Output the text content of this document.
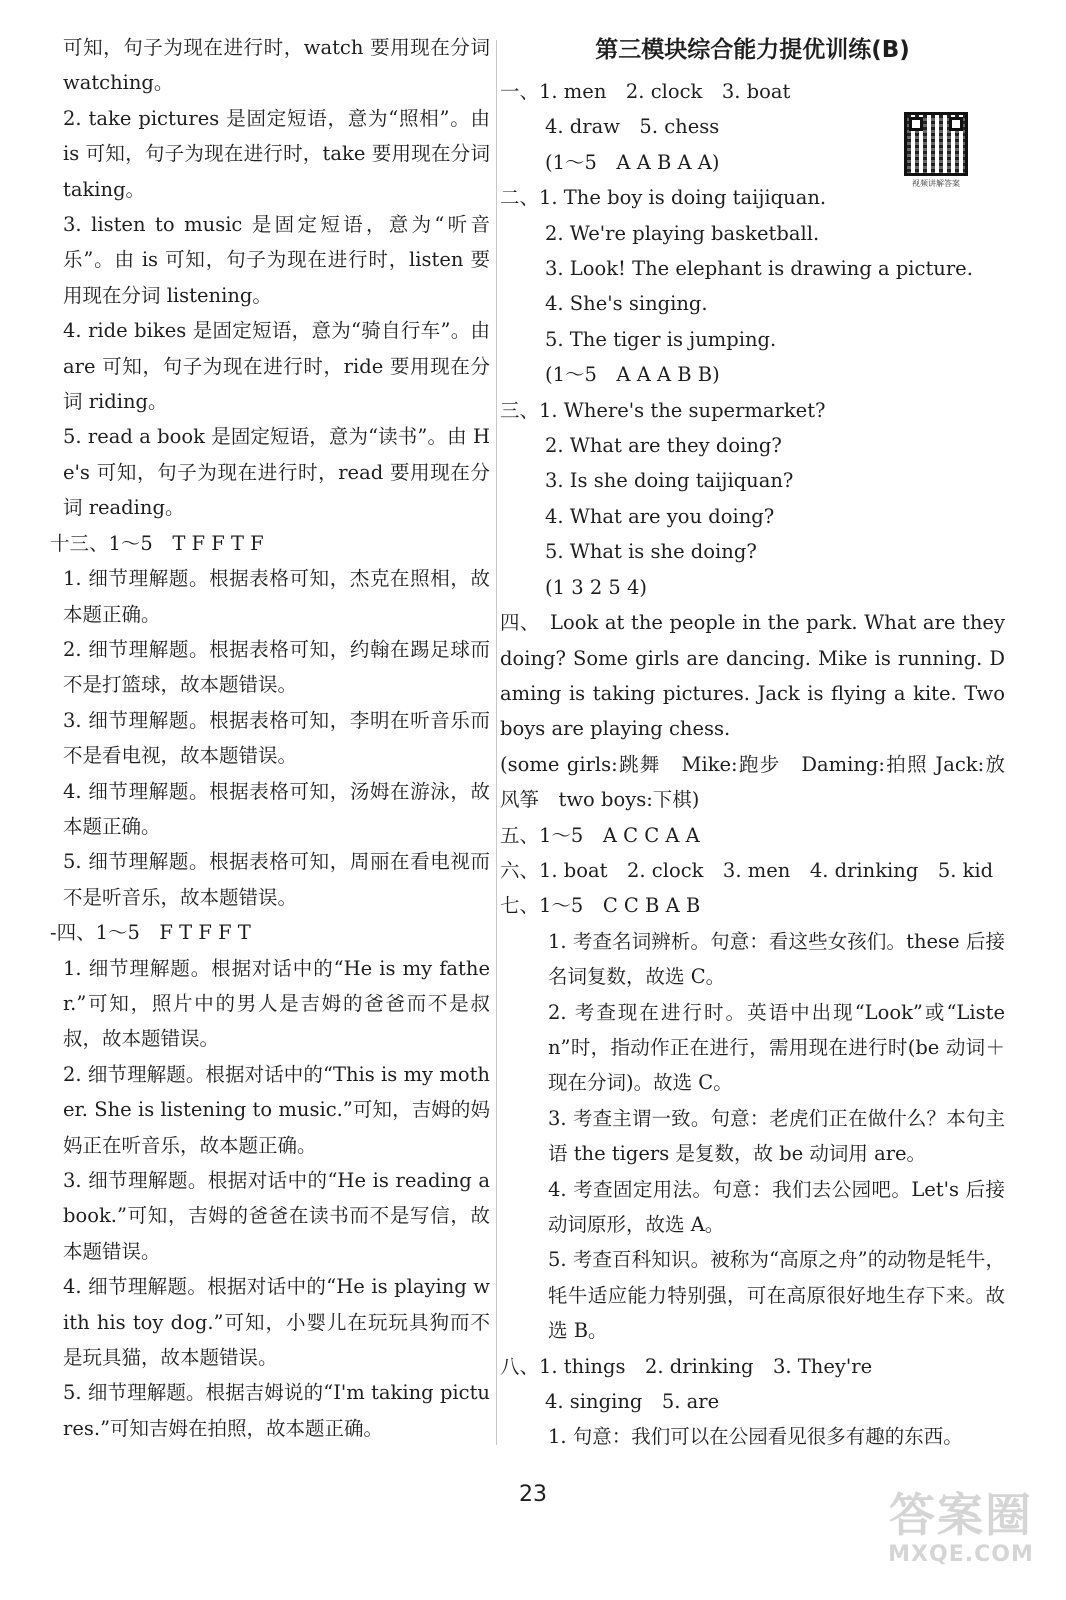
可知，句子为现在进行时，watch 要用现在分词 watching。

2. take pictures 是固定短语，意为“照相”。由 is 可知，句子为现在进行时，take 要用现在分词 taking。

3. listen to music 是固定短语，意为“听音乐”。由 is 可知，句子为现在进行时，listen 要用现在分词 listening。

4. ride bikes 是固定短语，意为“骑自行车”。由 are 可知，句子为现在进行时，ride 要用现在分词 riding。

5. read a book 是固定短语，意为“读书”。由 He's 可知，句子为现在进行时，read 要用现在分词 reading。

十三、1～5　T F F T F

1. 细节理解题。根据表格可知，杰克在照相，故本题正确。

2. 细节理解题。根据表格可知，约翰在踢足球而不是打篮球，故本题错误。

3. 细节理解题。根据表格可知，李明在听音乐而不是看电视，故本题错误。

4. 细节理解题。根据表格可知，汤姆在游泳，故本题正确。

5. 细节理解题。根据表格可知，周丽在看电视而不是听音乐，故本题错误。

-四、1～5　F T F F T

1. 细节理解题。根据对话中的“He is my father.”可知，照片中的男人是吉姆的爸爸而不是叔叔，故本题错误。

2. 细节理解题。根据对话中的“This is my mother. She is listening to music.”可知，吉姆的妈妈正在听音乐，故本题正确。

3. 细节理解题。根据对话中的“He is reading a book.”可知，吉姆的爸爸在读书而不是写信，故本题错误。

4. 细节理解题。根据对话中的“He is playing with his toy dog.”可知，小婴儿在玩玩具狗而不是玩具猫，故本题错误。

5. 细节理解题。根据吉姆说的“I'm taking pictures.”可知吉姆在拍照，故本题正确。

第三模块综合能力提优训练(B)

一、1. men　2. clock　3. boat

4. draw　5. chess

(1～5　A A B A A)

二、1. The boy is doing taijiquan.

2. We're playing basketball.

3. Look! The elephant is drawing a picture.

4. She's singing.

5. The tiger is jumping.

(1～5　A A A B B)

三、1. Where's the supermarket?

2. What are they doing?

3. Is she doing taijiquan?

4. What are you doing?

5. What is she doing?

(1 3 2 5 4)

四、　Look at the people in the park. What are they doing? Some girls are dancing. Mike is running. Daming is taking pictures. Jack is flying a kite. Two boys are playing chess.

(some girls:跳舞　Mike:跑步　Daming:拍照 Jack:放风筝　two boys:下棋)

五、1～5　A C C A A

六、1. boat　2. clock　3. men　4. drinking　5. kid

七、1～5　C C B A B

1. 考查名词辨析。句意：看这些女孩们。these 后接名词复数，故选 C。

2. 考查现在进行时。英语中出现“Look”或“Listen”时，指动作正在进行，需用现在进行时(be 动词＋现在分词)。故选 C。

3. 考查主谓一致。句意：老虎们正在做什么？本句主语 the tigers 是复数，故 be 动词用 are。

4. 考查固定用法。句意：我们去公园吧。Let's 后接动词原形，故选 A。

5. 考查百科知识。被称为“高原之舟”的动物是牦牛，牦牛适应能力特别强，可在高原很好地生存下来。故选 B。

八、1. things　2. drinking　3. They're

4. singing　5. are

1. 句意：我们可以在公园看见很多有趣的东西。

视频讲解答案
23	答案圈
MXQE.COM
